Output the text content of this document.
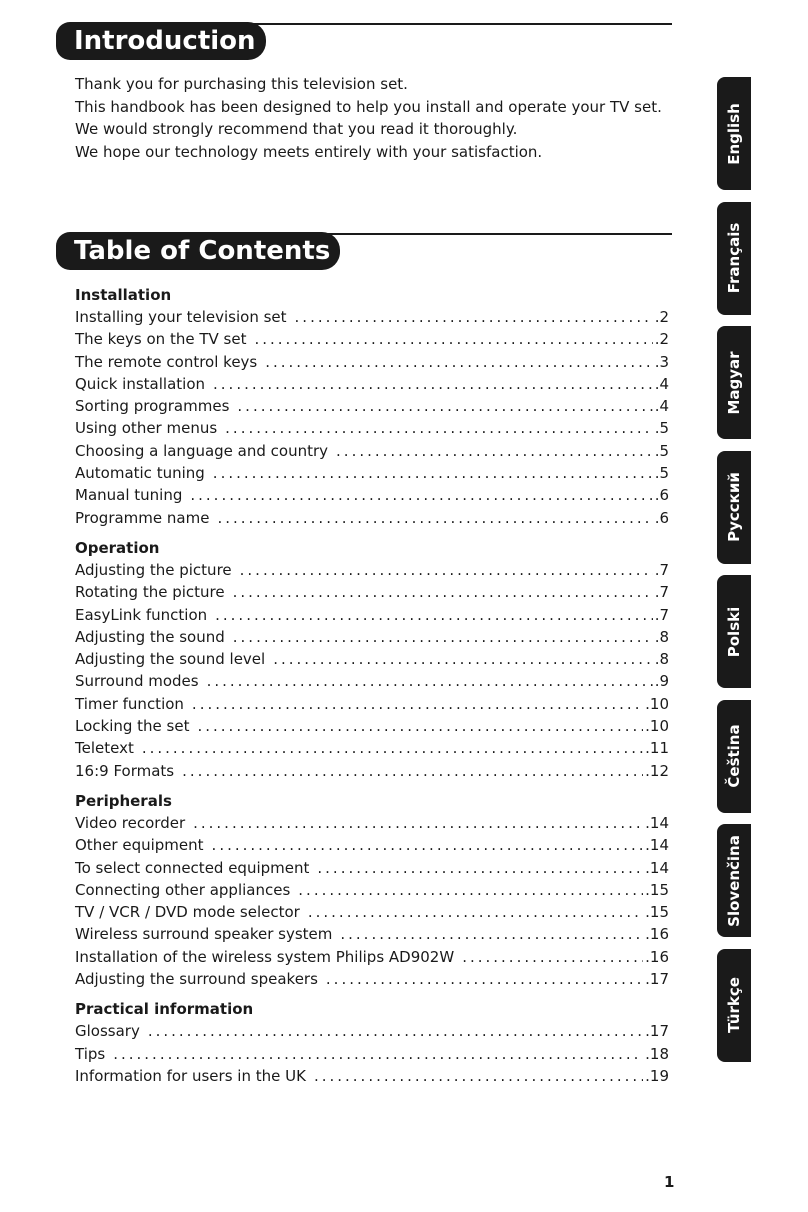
Introduction
Thank you for purchasing this television set.
This handbook has been designed to help you install and operate your TV set.
We would strongly recommend that you read it thoroughly.
We hope our technology meets entirely with your satisfaction.
Table of Contents
Installation
Installing your television set .....	.2
The keys on the TV set .....	.2
The remote control keys .....	.3
Quick installation .....	.4
Sorting programmes .....	.4
Using other menus .....	.5
Choosing a language and country .....	.5
Automatic tuning .....	.5
Manual tuning .....	.6
Programme name .....	.6
Operation
Adjusting the picture .....	.7
Rotating the picture .....	.7
EasyLink function .....	.7
Adjusting the sound .....	.8
Adjusting the sound level .....	.8
Surround modes .....	.9
Timer function .....	.10
Locking the set .....	.10
Teletext .....	.11
16:9 Formats .....	.12
Peripherals
Video recorder .....	.14
Other equipment .....	.14
To select connected equipment .....	.14
Connecting other appliances .....	.15
TV / VCR / DVD mode selector .....	.15
Wireless surround speaker system .....	.16
Installation of the wireless system Philips AD902W .....	.16
Adjusting the surround speakers .....	.17
Practical information
Glossary .....	.17
Tips .....	.18
Information for users in the UK .....	.19
English
Français
Magyar
Русский
Polski
Čeština
Slovenčina
Türkçe
1
